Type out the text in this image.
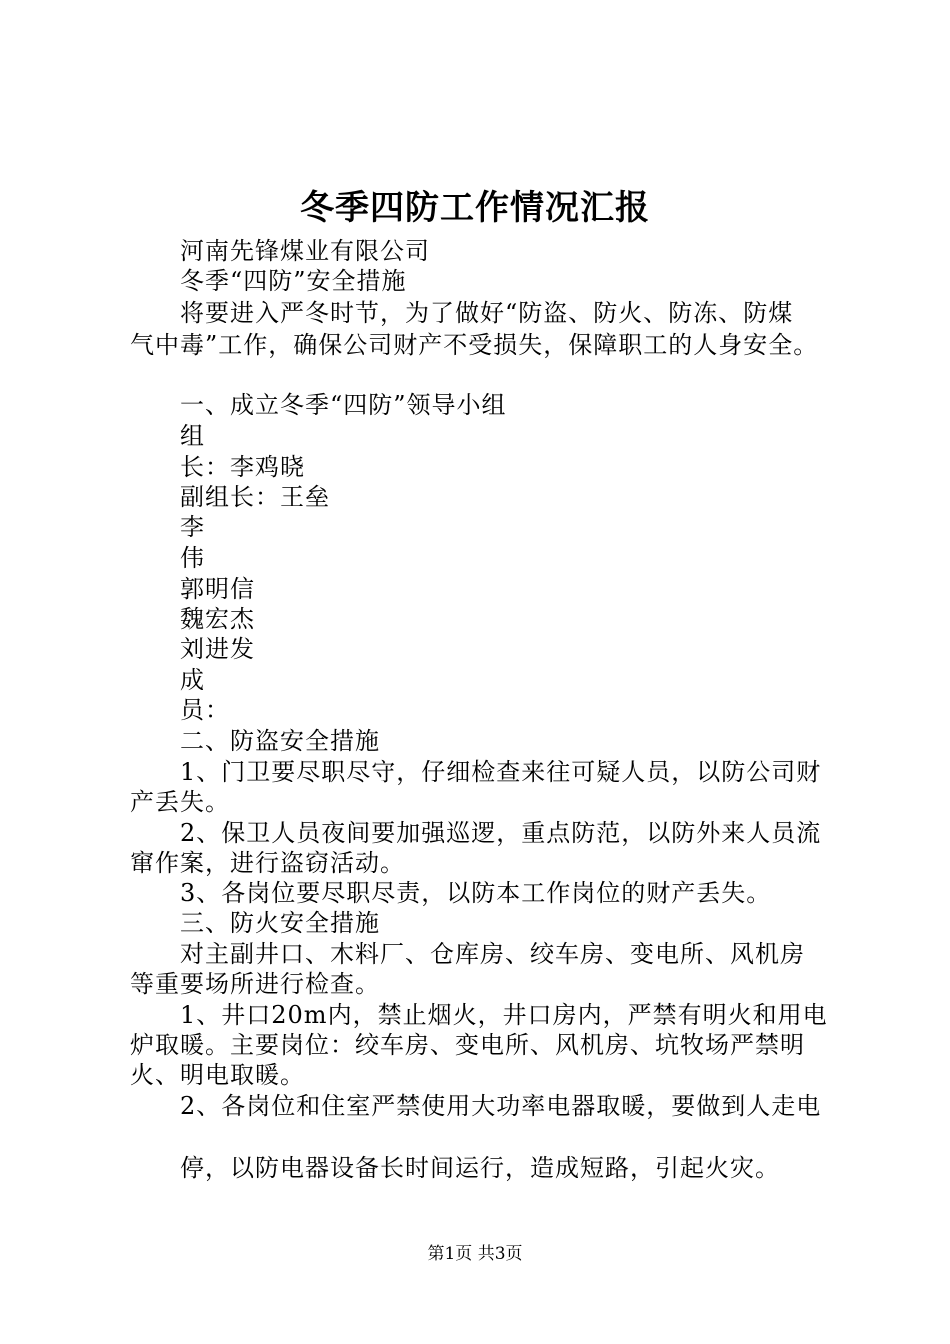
冬季四防工作情况汇报
河南先锋煤业有限公司
冬季“四防”安全措施
将要进入严冬时节，为了做好“防盗、防火、防冻、防煤
气中毒”工作，确保公司财产不受损失，保障职工的人身安全。
一、成立冬季“四防”领导小组
组
长：李鸡晓
副组长：王垒
李
伟
郭明信
魏宏杰
刘进发
成
员：
二、防盗安全措施
1、门卫要尽职尽守，仔细检查来往可疑人员，以防公司财
产丢失。
2、保卫人员夜间要加强巡逻，重点防范，以防外来人员流
窜作案，进行盗窃活动。
3、各岗位要尽职尽责，以防本工作岗位的财产丢失。
三、防火安全措施
对主副井口、木料厂、仓库房、绞车房、变电所、风机房
等重要场所进行检查。
1、井口20m内，禁止烟火，井口房内，严禁有明火和用电
炉取暖。主要岗位：绞车房、变电所、风机房、坑牧场严禁明
火、明电取暖。
2、各岗位和住室严禁使用大功率电器取暖，要做到人走电
停，以防电器设备长时间运行，造成短路，引起火灾。
第1页 共3页
